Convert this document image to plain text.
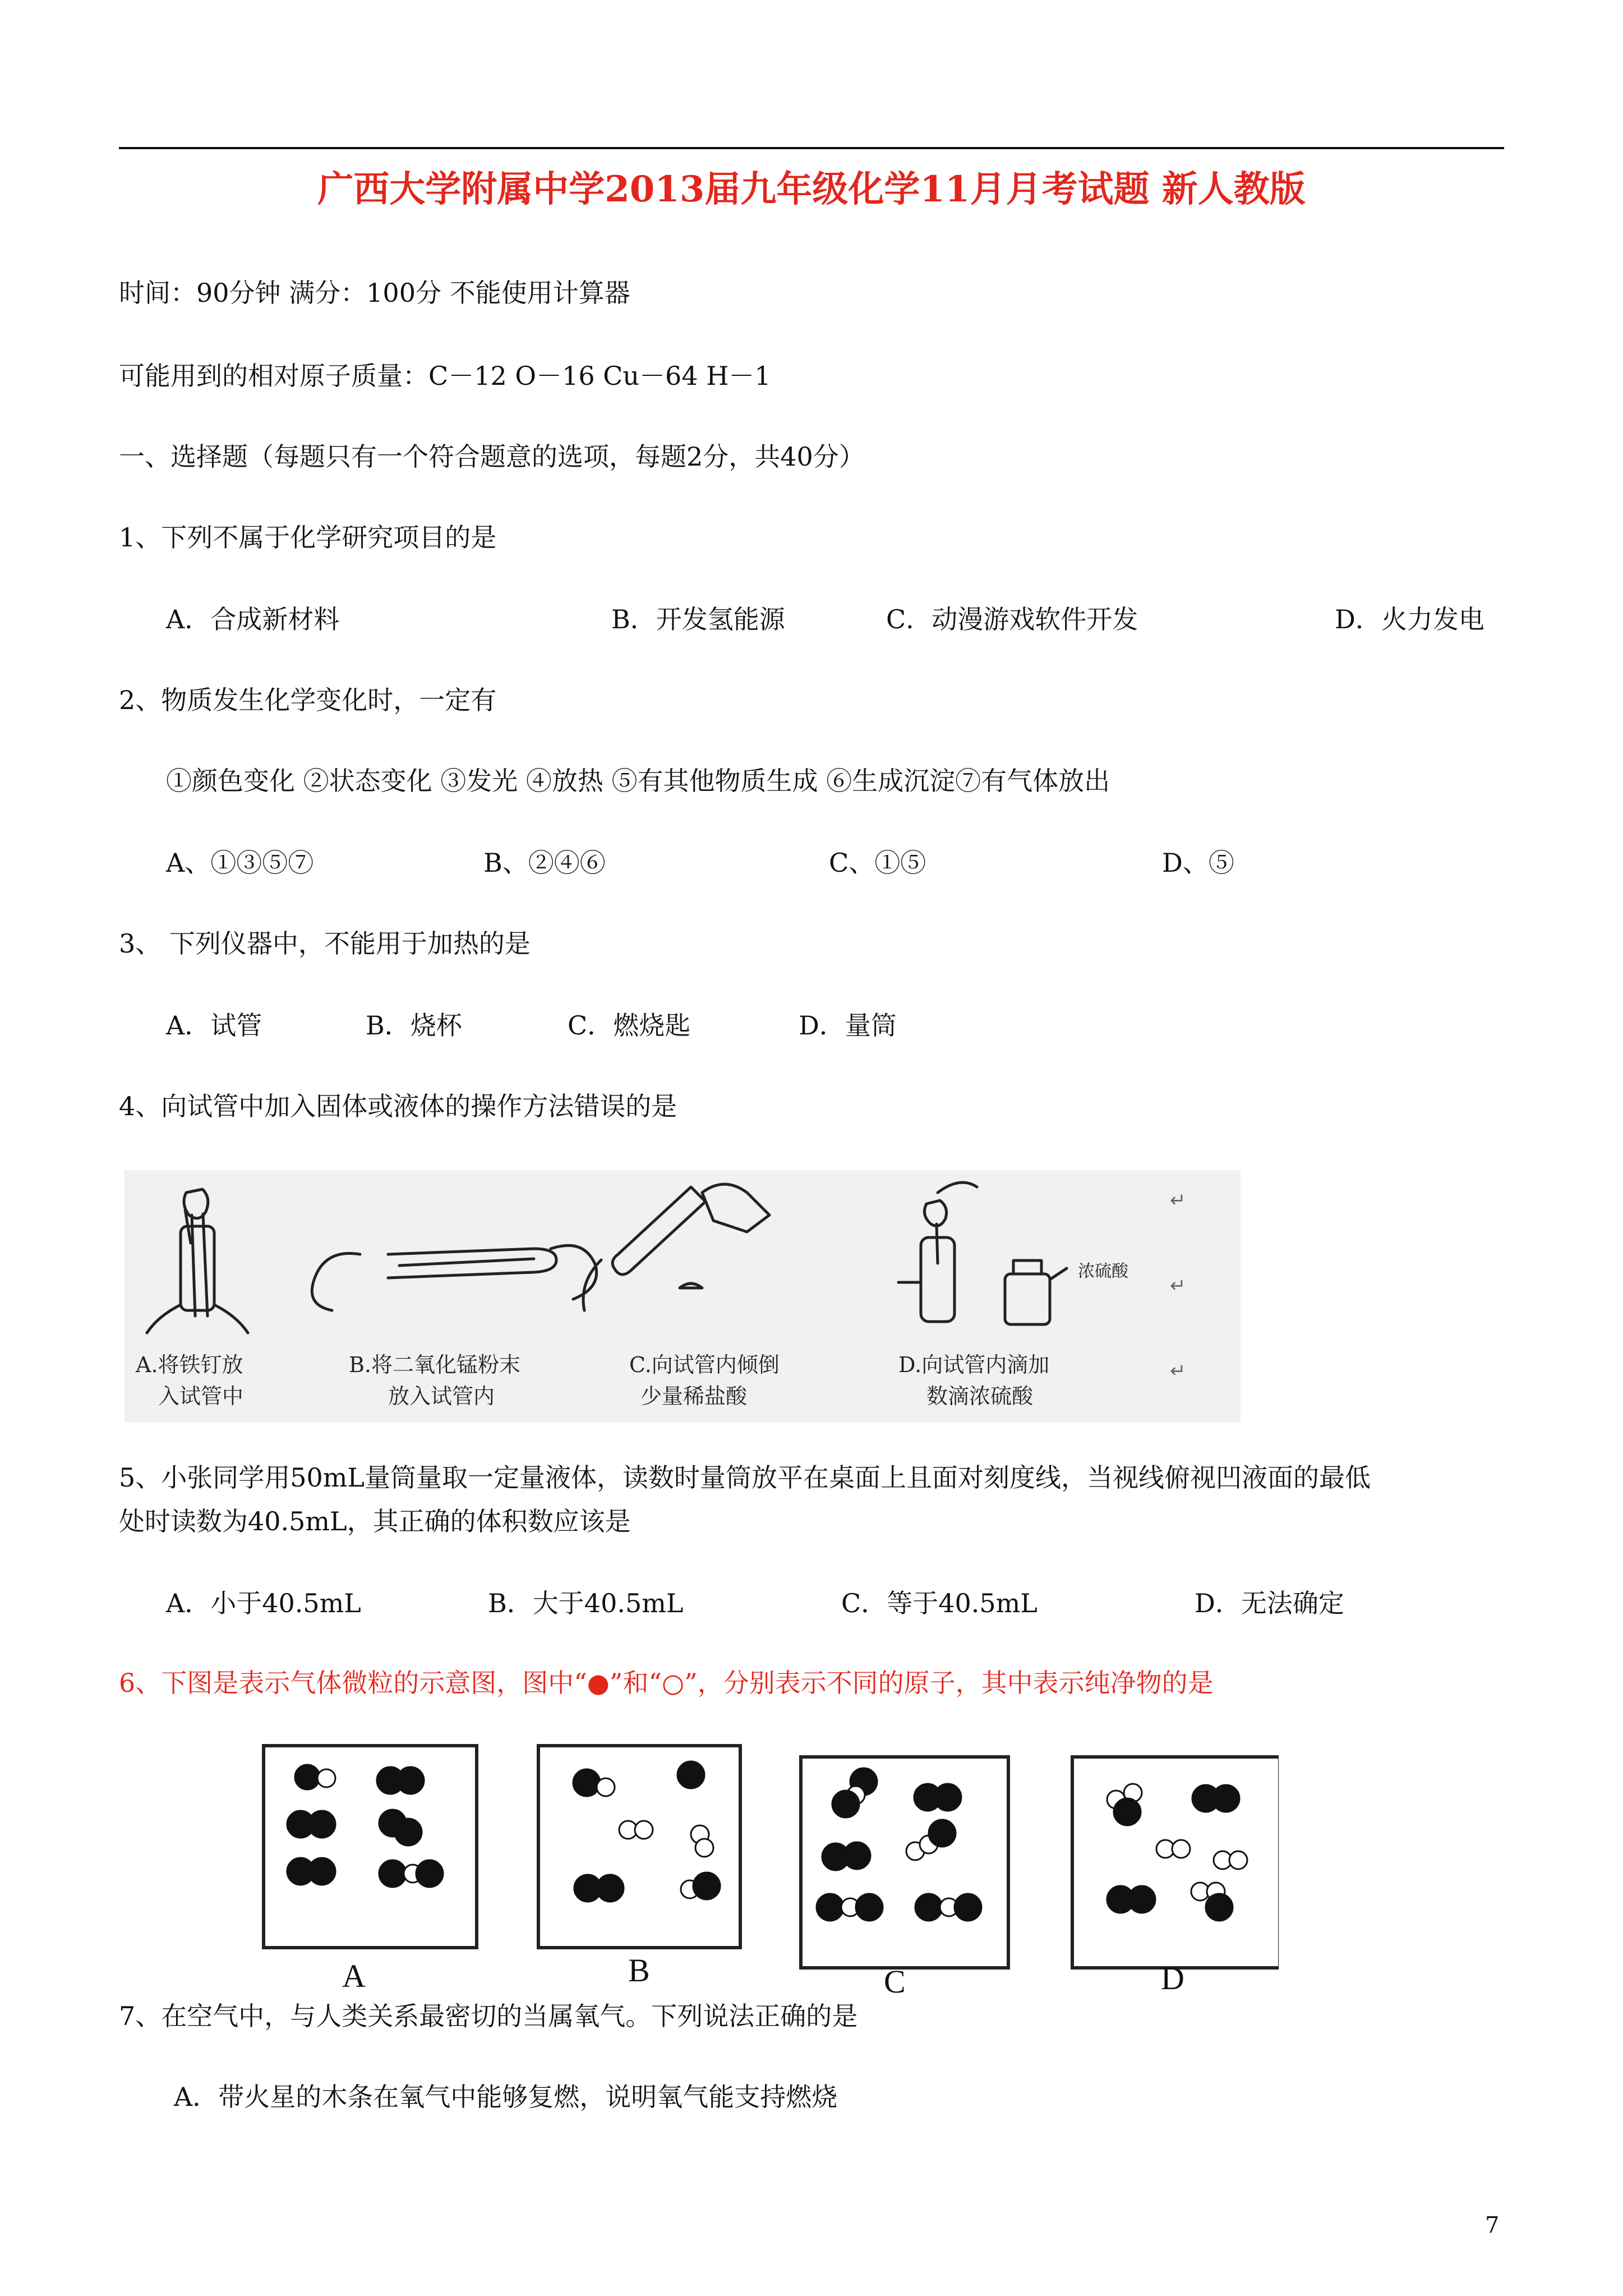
广西大学附属中学2013届九年级化学11月月考试题 新人教版
时间：90分钟 满分：100分 不能使用计算器
可能用到的相对原子质量：C－12 O－16 Cu－64 H－1
一、选择题（每题只有一个符合题意的选项，每题2分，共40分）
1、下列不属于化学研究项目的是
A．合成新材料	B．开发氢能源	C．动漫游戏软件开发	D．火力发电
2、物质发生化学变化时，一定有
①颜色变化 ②状态变化 ③发光 ④放热 ⑤有其他物质生成 ⑥生成沉淀⑦有气体放出
A、①③⑤⑦	B、②④⑥	C、①⑤	D、⑤
3、 下列仪器中，不能用于加热的是
A．试管	B．烧杯	C．燃烧匙	D．量筒
4、向试管中加入固体或液体的操作方法错误的是
浓硫酸
A.将铁钉放
入试管中
B.将二氧化锰粉末
放入试管内
C.向试管内倾倒
少量稀盐酸
D.向试管内滴加
数滴浓硫酸
↵
↵
↵
5、小张同学用50mL量筒量取一定量液体，读数时量筒放平在桌面上且面对刻度线，当视线俯视凹液面的最低
处时读数为40.5mL，其正确的体积数应该是
A．小于40.5mL	B．大于40.5mL	C．等于40.5mL	D．无法确定
6、下图是表示气体微粒的示意图，图中“●”和“○”，分别表示不同的原子，其中表示纯净物的是
A	B	C	D
7、在空气中，与人类关系最密切的当属氧气。下列说法正确的是
A．带火星的木条在氧气中能够复燃，说明氧气能支持燃烧
7
